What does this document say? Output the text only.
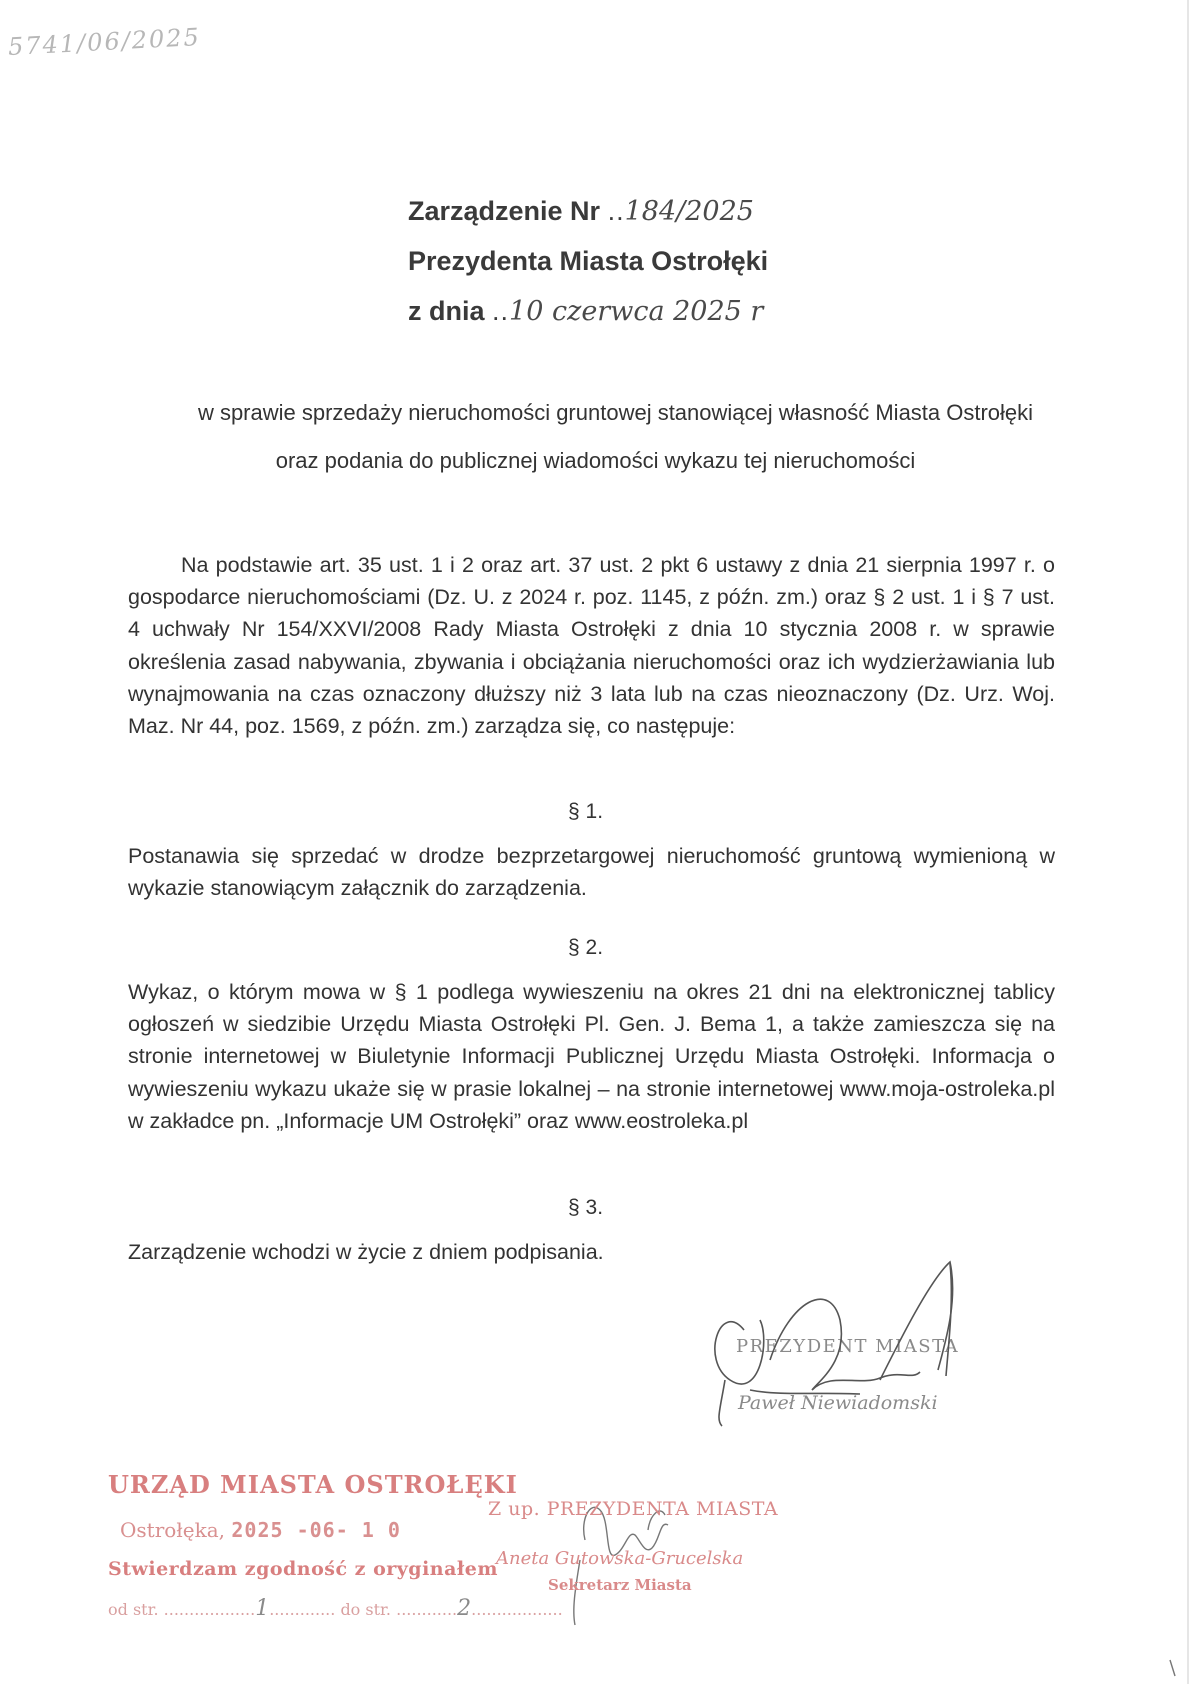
5741/06/2025
Zarządzenie Nr ..184/2025
Prezydenta Miasta Ostrołęki
z dnia ..10 czerwca 2025 r
w sprawie sprzedaży nieruchomości gruntowej stanowiącej własność Miasta Ostrołęki
oraz podania do publicznej wiadomości wykazu tej nieruchomości

Na podstawie art. 35 ust. 1 i 2 oraz art. 37 ust. 2 pkt 6 ustawy z dnia 21 sierpnia 1997 r. o gospodarce nieruchomościami (Dz. U. z 2024 r. poz. 1145, z późn. zm.) oraz § 2 ust. 1 i § 7 ust. 4 uchwały Nr 154/XXVI/2008 Rady Miasta Ostrołęki z dnia 10 stycznia 2008 r. w sprawie określenia zasad nabywania, zbywania i obciążania nieruchomości oraz ich wydzierżawiania lub wynajmowania na czas oznaczony dłuższy niż 3 lata lub na czas nieoznaczony (Dz. Urz. Woj. Maz. Nr 44, poz. 1569, z późn. zm.) zarządza się, co następuje:

§ 1.

Postanawia się sprzedać w drodze bezprzetargowej nieruchomość gruntową wymienioną w wykazie stanowiącym załącznik do zarządzenia.

§ 2.

Wykaz, o którym mowa w § 1 podlega wywieszeniu na okres 21 dni na elektronicznej tablicy ogłoszeń w siedzibie Urzędu Miasta Ostrołęki Pl. Gen. J. Bema 1, a także zamieszcza się na stronie internetowej w Biuletynie Informacji Publicznej Urzędu Miasta Ostrołęki. Informacja o wywieszeniu wykazu ukaże się w prasie lokalnej – na stronie internetowej www.moja-ostroleka.pl w zakładce pn. „Informacje UM Ostrołęki” oraz www.eostroleka.pl

§ 3.

Zarządzenie wchodzi w życie z dniem podpisania.

PREZYDENT MIASTA
Paweł Niewiadomski
URZĄD MIASTA OSTROŁĘKI
Ostrołęka, 2025 -06- 1 0
Stwierdzam zgodność z oryginałem
od str. ..................1............. do str. ............2..................
Z up. PREZYDENTA MIASTA
Aneta Gutowska-Grucelska
Sekretarz Miasta
